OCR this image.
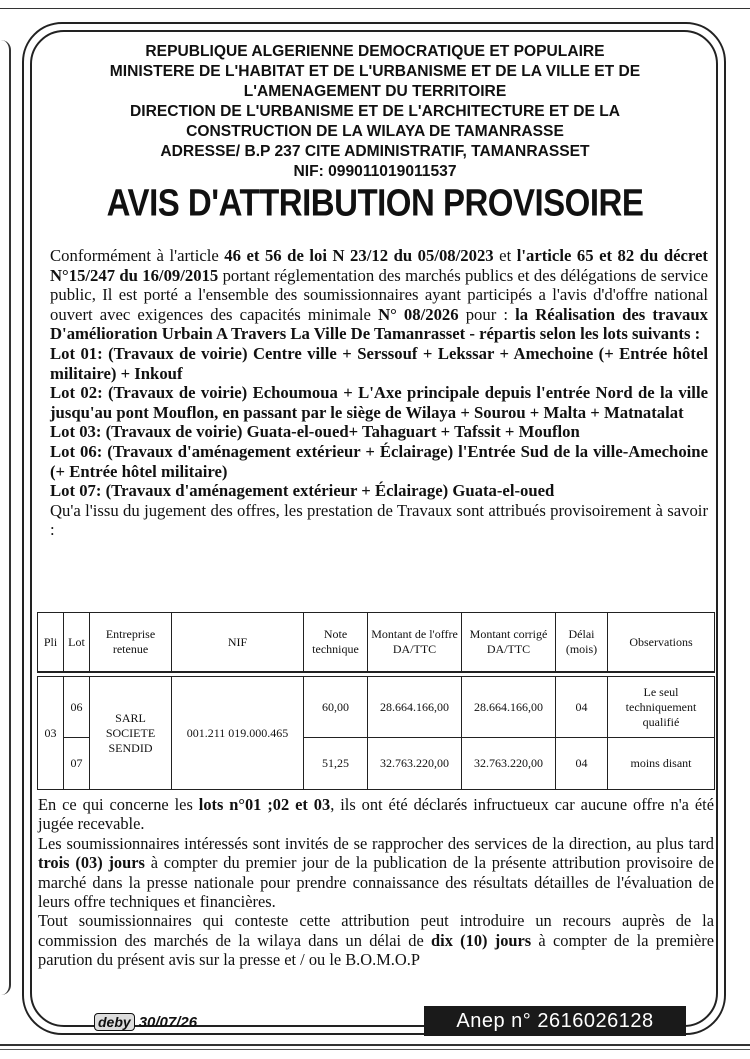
REPUBLIQUE ALGERIENNE DEMOCRATIQUE ET POPULAIRE
MINISTERE DE L'HABITAT ET DE L'URBANISME ET DE LA VILLE ET DE
L'AMENAGEMENT DU TERRITOIRE
DIRECTION DE L'URBANISME ET DE L'ARCHITECTURE ET DE LA
CONSTRUCTION DE LA WILAYA DE TAMANRASSE
ADRESSE/ B.P 237 CITE ADMINISTRATIF, TAMANRASSET
NIF: 099011019011537
AVIS D'ATTRIBUTION PROVISOIRE

Conformément à l'article 46 et 56 de loi N 23/12 du 05/08/2023 et l'article 65 et 82 du décret N°15/247 du 16/09/2015 portant réglementation des marchés publics et des délégations de service public, Il est porté a l'ensemble des soumissionnaires ayant participés a l'avis d'd'offre national ouvert avec exigences des capacités minimale N° 08/2026 pour : la Réalisation des travaux D'amélioration Urbain A Travers La Ville De Tamanrasset - répartis selon les lots suivants :

Lot 01: (Travaux de voirie) Centre ville + Serssouf + Lekssar + Amechoine (+ Entrée hôtel militaire) + Inkouf

Lot 02: (Travaux de voirie) Echoumoua + L'Axe principale depuis l'entrée Nord de la ville jusqu'au pont Mouflon, en passant par le siège de Wilaya + Sourou + Malta + Matnatalat

Lot 03: (Travaux de voirie) Guata-el-oued+ Tahaguart + Tafssit + Mouflon

Lot 06: (Travaux d'aménagement extérieur + Éclairage) l'Entrée Sud de la ville-Amechoine (+ Entrée hôtel militaire)

Lot 07: (Travaux d'aménagement extérieur + Éclairage) Guata-el-oued

Qu'a l'issu du jugement des offres, les prestation de Travaux sont attribués provisoirement à savoir :

Pli	Lot	Entreprise retenue	NIF	Note technique	Montant de l'offre DA/TTC	Montant corrigé DA/TTC	Délai (mois)	Observations

03	06	SARL SOCIETE SENDID	001.211 019.000.465	60,00	28.664.166,00	28.664.166,00	04	Le seul techniquement qualifié
	07			51,25	32.763.220,00	32.763.220,00	04	moins disant

En ce qui concerne les lots n°01 ;02 et 03, ils ont été déclarés infructueux car aucune offre n'a été jugée recevable.

Les soumissionnaires intéressés sont invités de se rapprocher des services de la direction, au plus tard trois (03) jours à compter du premier jour de la publication de la présente attribution provisoire de marché dans la presse nationale pour prendre connaissance des résultats détailles de l'évaluation de leurs offre techniques et financières.

Tout soumissionnaires qui conteste cette attribution peut introduire un recours auprès de la commission des marchés de la wilaya dans un délai de dix (10) jours à compter de la première parution du présent avis sur la presse et / ou le B.O.M.O.P

deby 30/07/26	Anep n° 2616026128
